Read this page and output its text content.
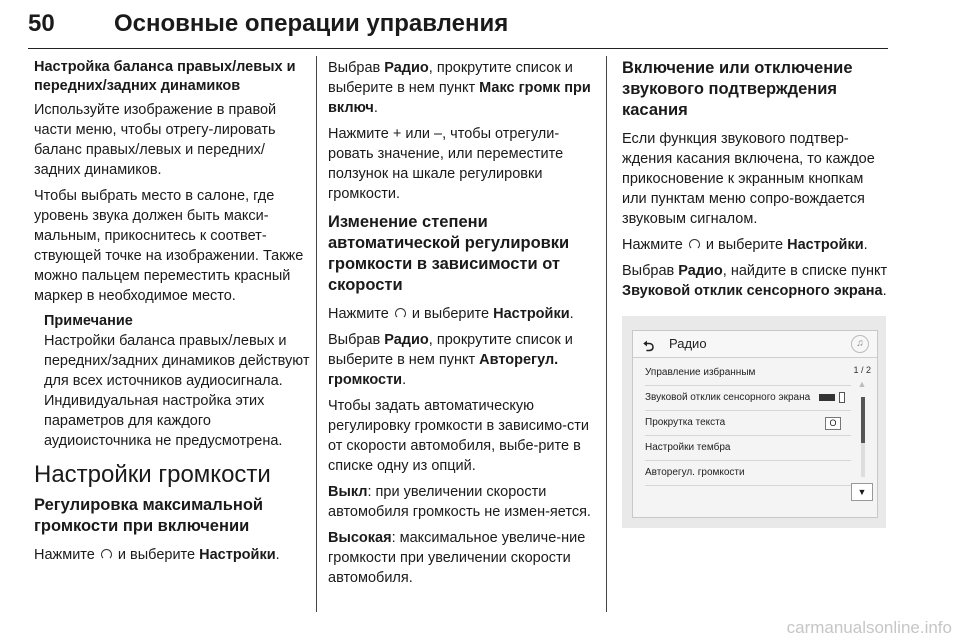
50 Основные операции управления
Настройка баланса правых/левых и передних/задних динамиков

Используйте изображение в правой части меню, чтобы отрегу-лировать баланс правых/левых и передних/задних динамиков.

Чтобы выбрать место в салоне, где уровень звука должен быть макси-мальным, прикоснитесь к соответ-ствующей точке на изображении. Также можно пальцем переместить красный маркер в необходимое место.

Примечание

Настройки баланса правых/левых и передних/задних динамиков действуют для всех источников аудиосигнала. Индивидуальная настройка этих параметров для каждого аудиоисточника не предусмотрена.

Настройки громкости
Регулировка максимальной громкости при включении

Нажмите и выберите Настройки.

Выбрав Радио, прокрутите список и выберите в нем пункт Макс громк при включ.

Нажмите + или –, чтобы отрегули-ровать значение, или переместите ползунок на шкале регулировки громкости.

Изменение степени автоматической регулировки громкости в зависимости от скорости

Нажмите и выберите Настройки.

Выбрав Радио, прокрутите список и выберите в нем пункт Авторегул. громкости.

Чтобы задать автоматическую регулировку громкости в зависимо-сти от скорости автомобиля, выбе-рите в списке одну из опций.

Выкл: при увеличении скорости автомобиля громкость не измен-яется.

Высокая: максимальное увеличе-ние громкости при увеличении скорости автомобиля.

Включение или отключение звукового подтверждения касания

Если функция звукового подтвер-ждения касания включена, то каждое прикосновение к экранным кнопкам или пунктам меню сопро-вождается звуковым сигналом.

Нажмите и выберите Настройки.

Выбрав Радио, найдите в списке пункт Звуковой отклик сенсорного экрана.

⮌ Радио	♫
Управление избранным
Звуковой отклик сенсорного экрана
Прокрутка текста	O
Настройки тембра
Авторегул. громкости
1 / 2
▲
▼
carmanualsonline.info
